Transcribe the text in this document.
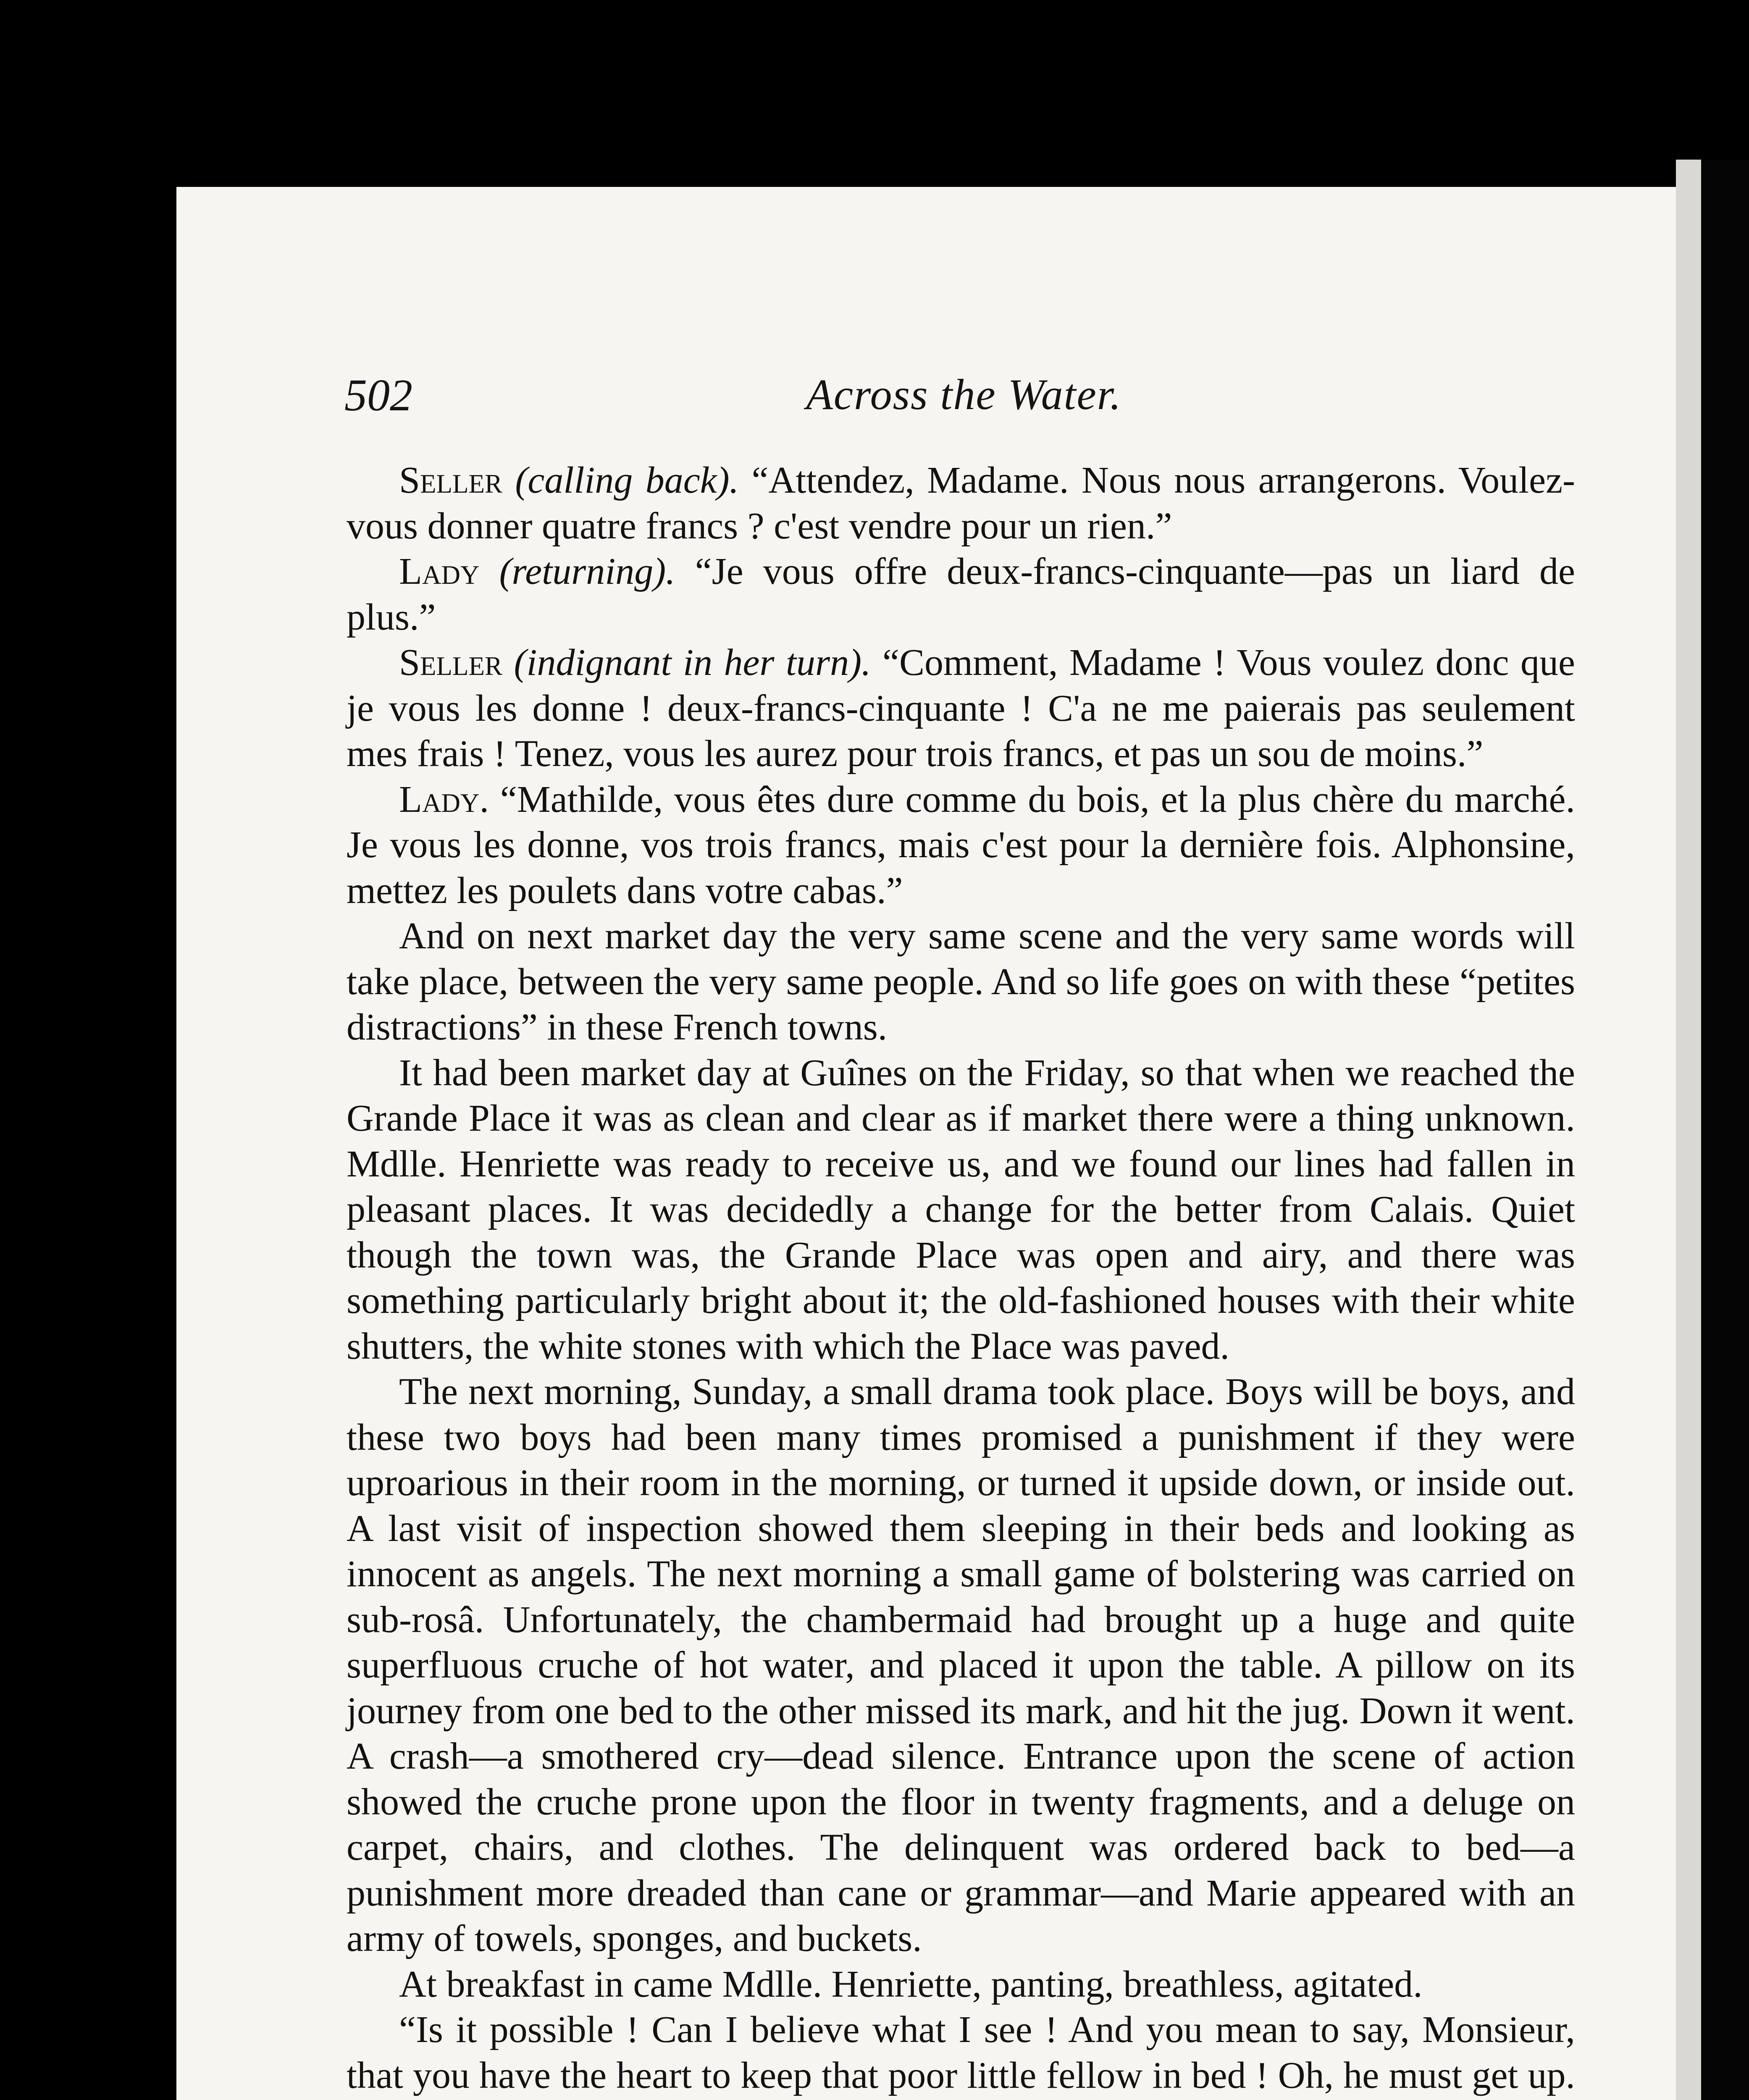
502	Across the Water.

Seller (calling back). “Attendez, Madame. Nous nous arrangerons. Voulez-vous donner quatre francs ? c'est vendre pour un rien.”

Lady (returning). “Je vous offre deux-francs-cinquante—pas un liard de plus.”

Seller (indignant in her turn). “Comment, Madame ! Vous voulez donc que je vous les donne ! deux-francs-cinquante ! C'a ne me paierais pas seulement mes frais ! Tenez, vous les aurez pour trois francs, et pas un sou de moins.”

Lady. “Mathilde, vous êtes dure comme du bois, et la plus chère du marché. Je vous les donne, vos trois francs, mais c'est pour la dernière fois. Alphonsine, mettez les poulets dans votre cabas.”

And on next market day the very same scene and the very same words will take place, between the very same people. And so life goes on with these “petites distractions” in these French towns.

It had been market day at Guînes on the Friday, so that when we reached the Grande Place it was as clean and clear as if market there were a thing unknown. Mdlle. Henriette was ready to receive us, and we found our lines had fallen in pleasant places. It was decidedly a change for the better from Calais. Quiet though the town was, the Grande Place was open and airy, and there was something particularly bright about it; the old-fashioned houses with their white shutters, the white stones with which the Place was paved.

The next morning, Sunday, a small drama took place. Boys will be boys, and these two boys had been many times promised a punishment if they were uproarious in their room in the morning, or turned it upside down, or inside out. A last visit of inspection showed them sleeping in their beds and looking as innocent as angels. The next morning a small game of bolstering was carried on sub-rosâ. Unfortunately, the chambermaid had brought up a huge and quite superfluous cruche of hot water, and placed it upon the table. A pillow on its journey from one bed to the other missed its mark, and hit the jug. Down it went. A crash—a smothered cry—dead silence. Entrance upon the scene of action showed the cruche prone upon the floor in twenty fragments, and a deluge on carpet, chairs, and clothes. The delinquent was ordered back to bed—a punishment more dreaded than cane or grammar—and Marie appeared with an army of towels, sponges, and buckets.

At breakfast in came Mdlle. Henriette, panting, breathless, agitated.

“Is it possible ! Can I believe what I see ! And you mean to say, Monsieur, that you have the heart to keep that poor little fellow in bed ! Oh, he must get up.
